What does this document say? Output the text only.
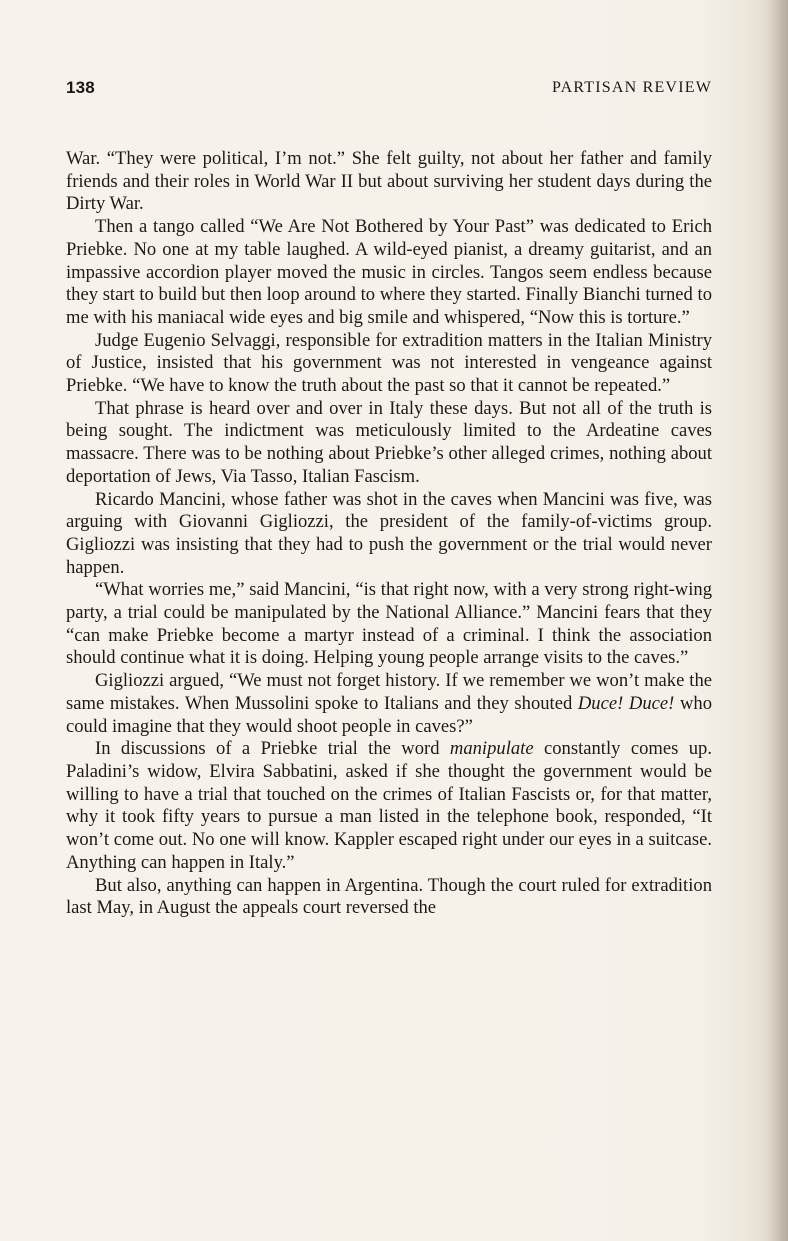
138	PARTISAN REVIEW

War. “They were political, I’m not.” She felt guilty, not about her father and family friends and their roles in World War II but about surviving her student days during the Dirty War.

Then a tango called “We Are Not Bothered by Your Past” was dedicated to Erich Priebke. No one at my table laughed. A wild-eyed pianist, a dreamy guitarist, and an impassive accordion player moved the music in circles. Tangos seem endless because they start to build but then loop around to where they started. Finally Bianchi turned to me with his maniacal wide eyes and big smile and whispered, “Now this is torture.”

Judge Eugenio Selvaggi, responsible for extradition matters in the Italian Ministry of Justice, insisted that his government was not interested in vengeance against Priebke. “We have to know the truth about the past so that it cannot be repeated.”

That phrase is heard over and over in Italy these days. But not all of the truth is being sought. The indictment was meticulously limited to the Ardeatine caves massacre. There was to be nothing about Priebke’s other alleged crimes, nothing about deportation of Jews, Via Tasso, Italian Fascism.

Ricardo Mancini, whose father was shot in the caves when Mancini was five, was arguing with Giovanni Gigliozzi, the president of the family-of-victims group. Gigliozzi was insisting that they had to push the government or the trial would never happen.

“What worries me,” said Mancini, “is that right now, with a very strong right-wing party, a trial could be manipulated by the National Alliance.” Mancini fears that they “can make Priebke become a martyr instead of a criminal. I think the association should continue what it is doing. Helping young people arrange visits to the caves.”

Gigliozzi argued, “We must not forget history. If we remember we won’t make the same mistakes. When Mussolini spoke to Italians and they shouted Duce! Duce! who could imagine that they would shoot people in caves?”

In discussions of a Priebke trial the word manipulate constantly comes up. Paladini’s widow, Elvira Sabbatini, asked if she thought the government would be willing to have a trial that touched on the crimes of Italian Fascists or, for that matter, why it took fifty years to pursue a man listed in the telephone book, responded, “It won’t come out. No one will know. Kappler escaped right under our eyes in a suitcase. Anything can happen in Italy.”

But also, anything can happen in Argentina. Though the court ruled for extradition last May, in August the appeals court reversed the
